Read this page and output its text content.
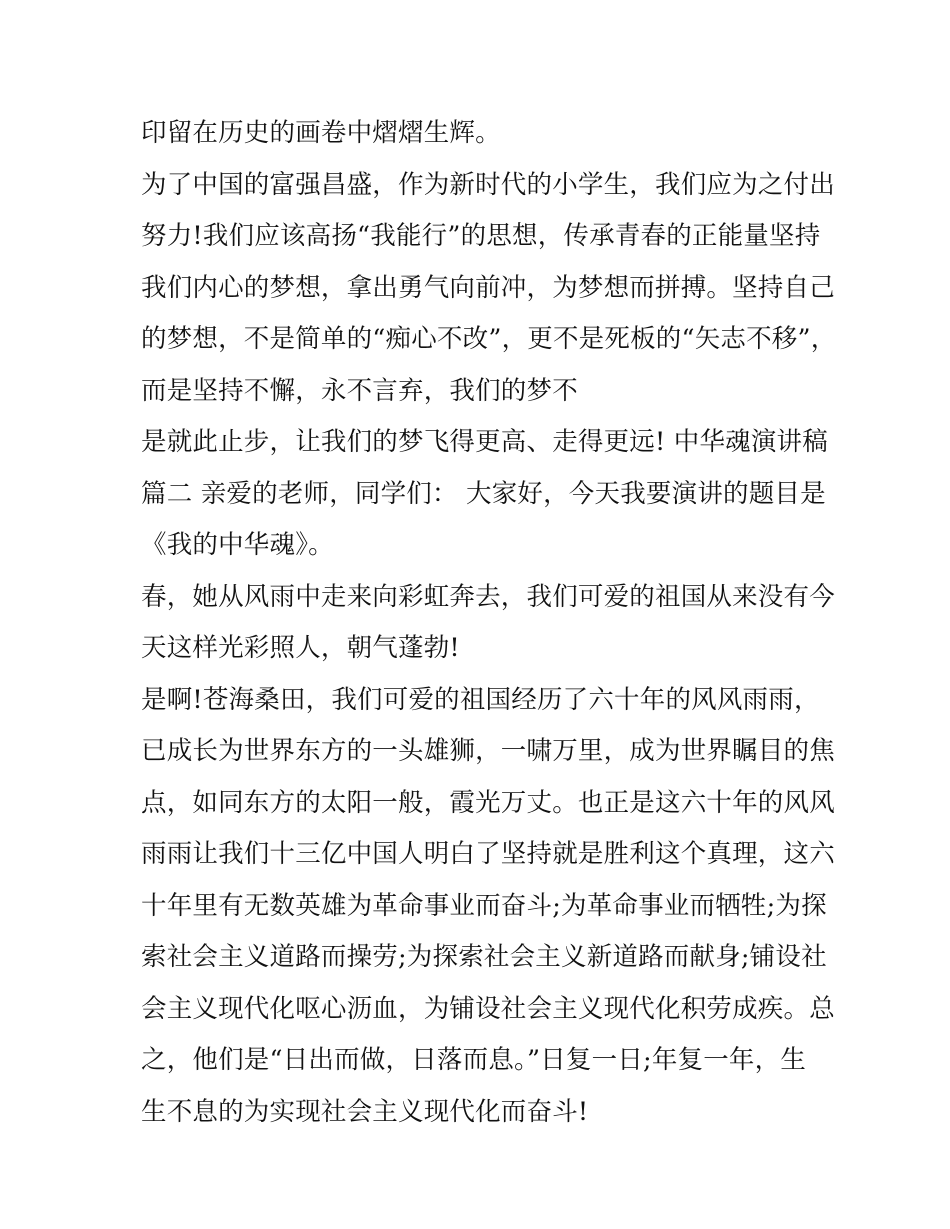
印留在历史的画卷中熠熠生辉。
为了中国的富强昌盛，作为新时代的小学生，我们应为之付出
努力!我们应该高扬“我能行”的思想，传承青春的正能量坚持
我们内心的梦想，拿出勇气向前冲，为梦想而拼搏。坚持自己
的梦想，不是简单的“痴心不改”，更不是死板的“矢志不移”，
而是坚持不懈，永不言弃，我们的梦不
是就此止步，让我们的梦飞得更高、走得更远! 中华魂演讲稿
篇二 亲爱的老师，同学们： 大家好，今天我要演讲的题目是
《我的中华魂》。
春，她从风雨中走来向彩虹奔去，我们可爱的祖国从来没有今
天这样光彩照人，朝气蓬勃!
是啊!苍海桑田，我们可爱的祖国经历了六十年的风风雨雨，
已成长为世界东方的一头雄狮，一啸万里，成为世界瞩目的焦
点，如同东方的太阳一般，霞光万丈。也正是这六十年的风风
雨雨让我们十三亿中国人明白了坚持就是胜利这个真理，这六
十年里有无数英雄为革命事业而奋斗;为革命事业而牺牲;为探
索社会主义道路而操劳;为探索社会主义新道路而献身;铺设社
会主义现代化呕心沥血，为铺设社会主义现代化积劳成疾。总
之，他们是“日出而做，日落而息。”日复一日;年复一年，生
生不息的为实现社会主义现代化而奋斗!
